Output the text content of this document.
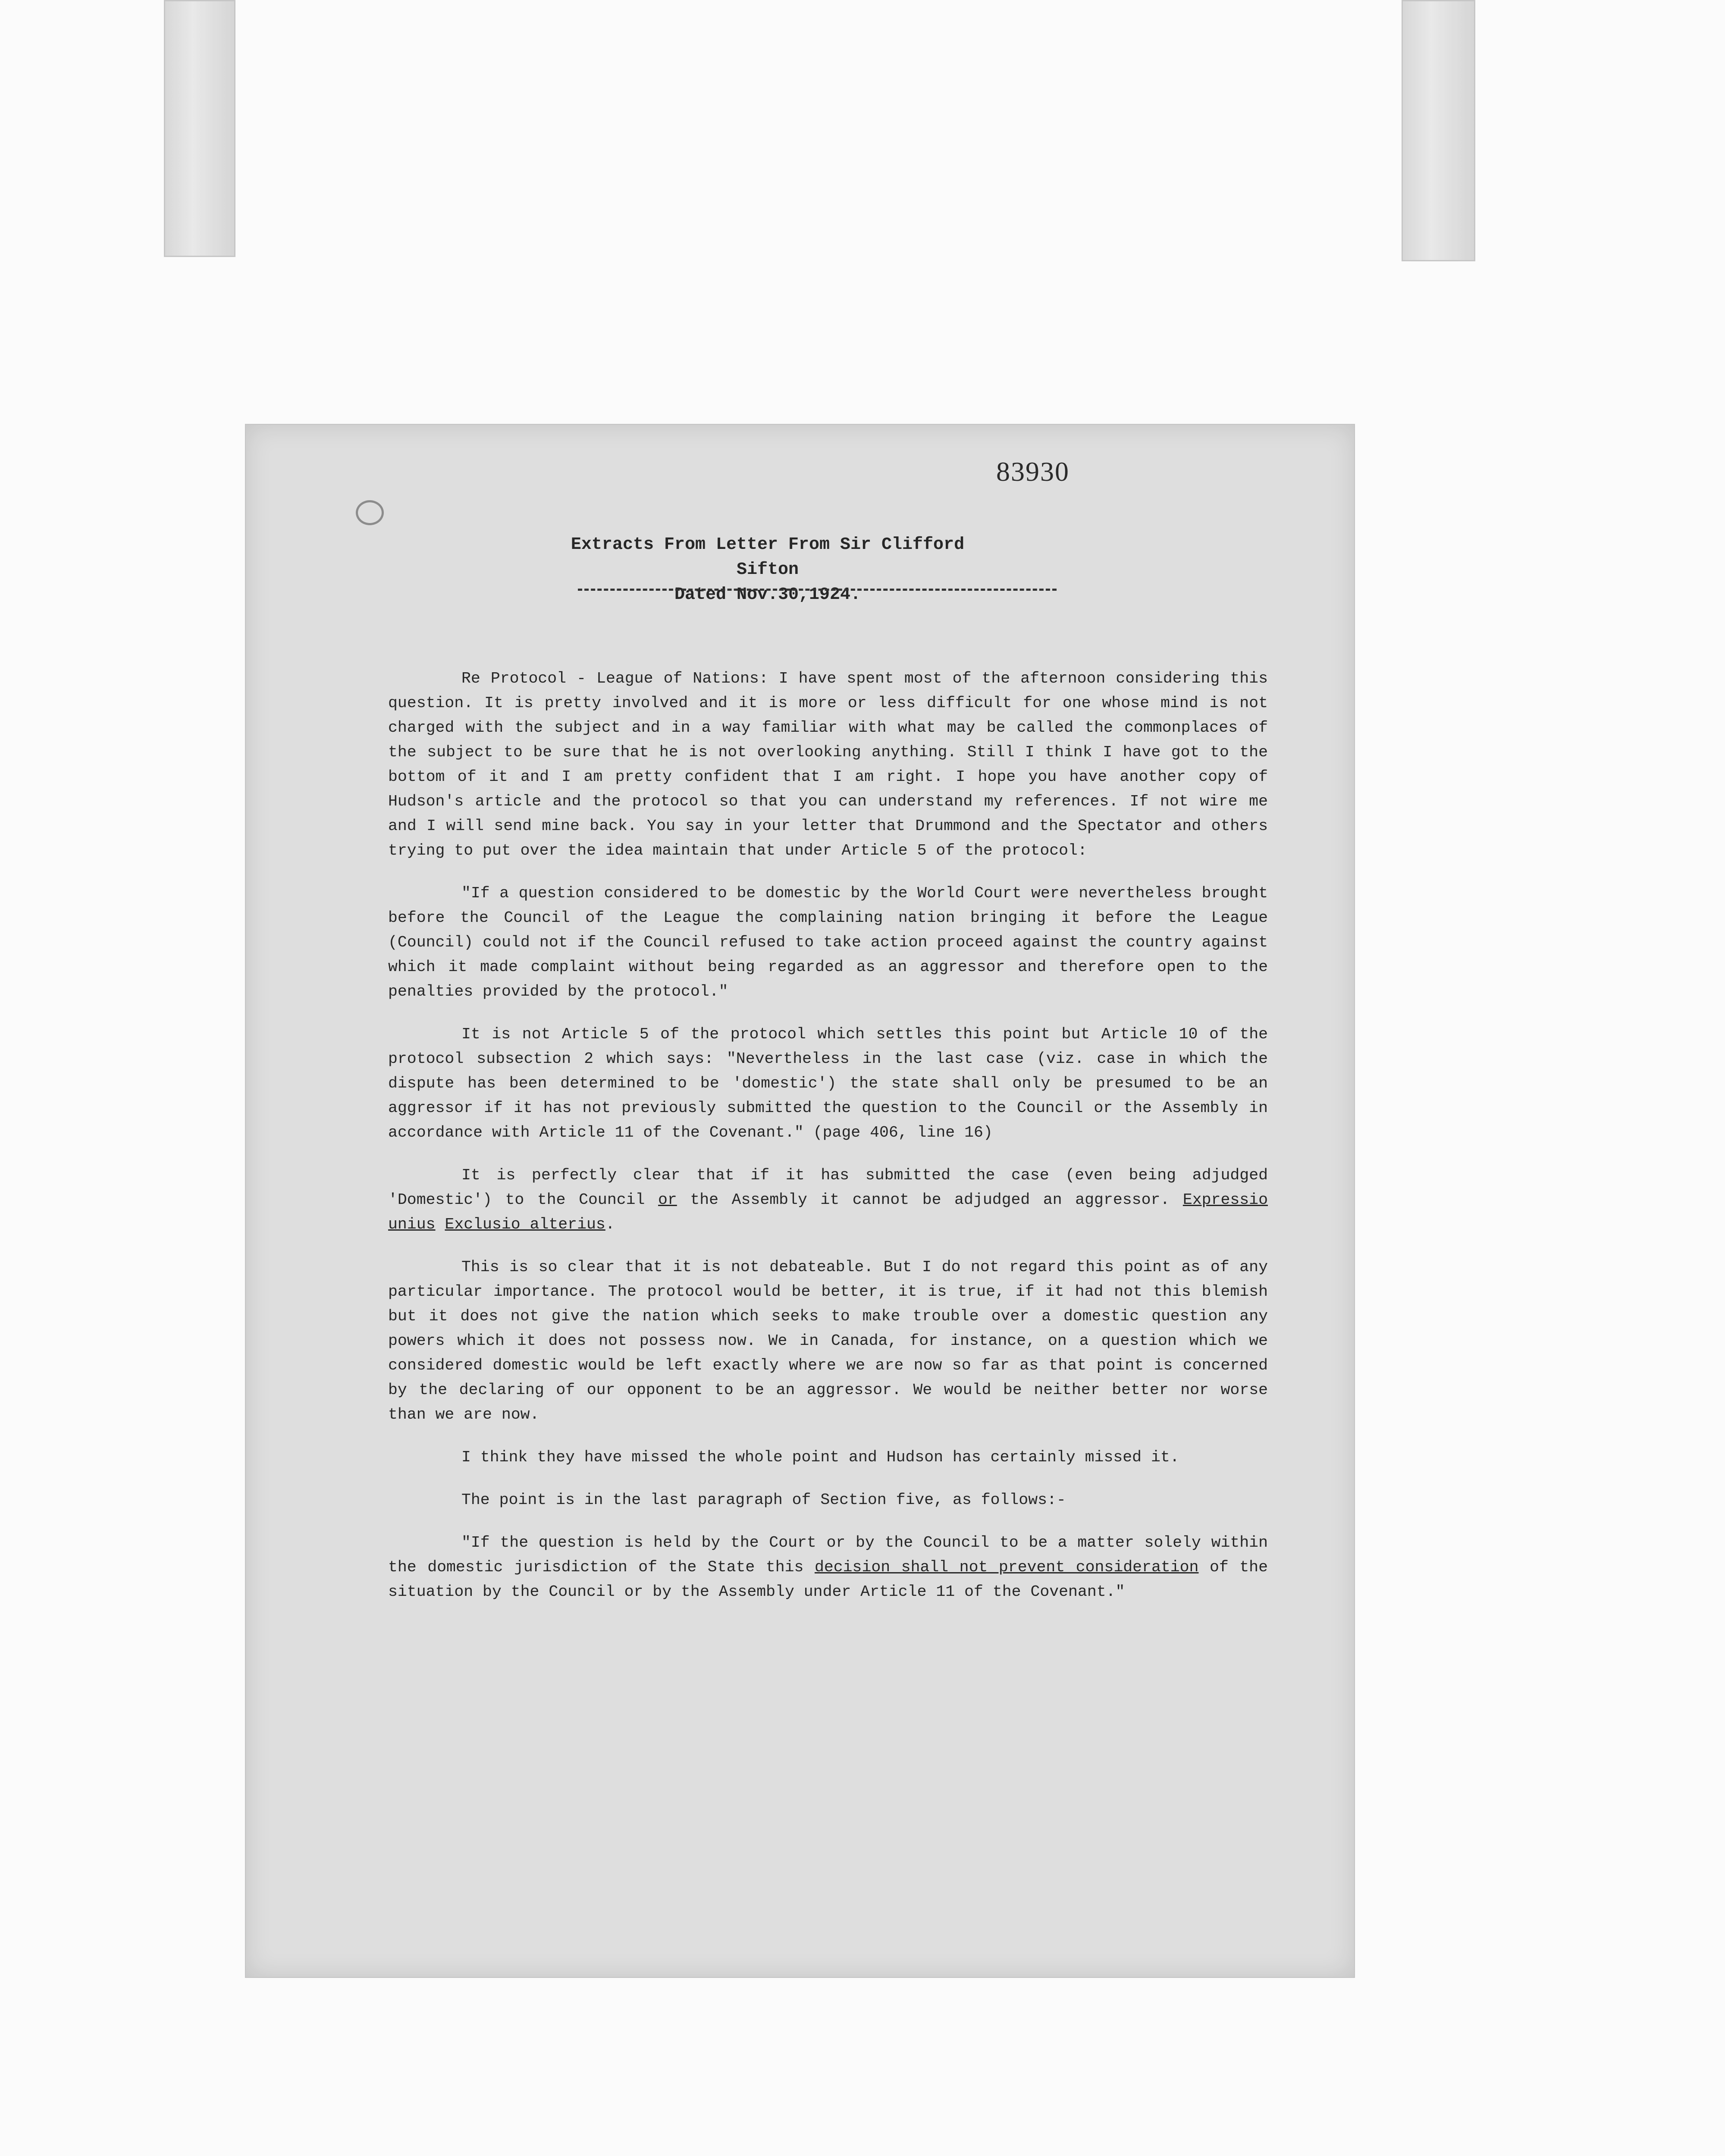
83930
Extracts From Letter From Sir Clifford Sifton
Dated Nov.30,1924.

Re Protocol - League of Nations: I have spent most of the afternoon considering this question. It is pretty involved and it is more or less difficult for one whose mind is not charged with the subject and in a way familiar with what may be called the commonplaces of the subject to be sure that he is not overlooking anything. Still I think I have got to the bottom of it and I am pretty confident that I am right. I hope you have another copy of Hudson's article and the protocol so that you can understand my references. If not wire me and I will send mine back. You say in your letter that Drummond and the Spectator and others trying to put over the idea maintain that under Article 5 of the protocol:

"If a question considered to be domestic by the World Court were nevertheless brought before the Council of the League the complaining nation bringing it before the League (Council) could not if the Council refused to take action proceed against the country against which it made complaint without being regarded as an aggressor and therefore open to the penalties provided by the protocol."

It is not Article 5 of the protocol which settles this point but Article 10 of the protocol subsection 2 which says: "Nevertheless in the last case (viz. case in which the dispute has been determined to be 'domestic') the state shall only be presumed to be an aggressor if it has not previously submitted the question to the Council or the Assembly in accordance with Article 11 of the Covenant." (page 406, line 16)

It is perfectly clear that if it has submitted the case (even being adjudged 'Domestic') to the Council or the Assembly it cannot be adjudged an aggressor. Expressio unius Exclusio alterius.

This is so clear that it is not debateable. But I do not regard this point as of any particular importance. The protocol would be better, it is true, if it had not this blemish but it does not give the nation which seeks to make trouble over a domestic question any powers which it does not possess now. We in Canada, for instance, on a question which we considered domestic would be left exactly where we are now so far as that point is concerned by the declaring of our opponent to be an aggressor. We would be neither better nor worse than we are now.

I think they have missed the whole point and Hudson has certainly missed it.

The point is in the last paragraph of Section five, as follows:-

"If the question is held by the Court or by the Council to be a matter solely within the domestic jurisdiction of the State this decision shall not prevent consideration of the situation by the Council or by the Assembly under Article 11 of the Covenant."
